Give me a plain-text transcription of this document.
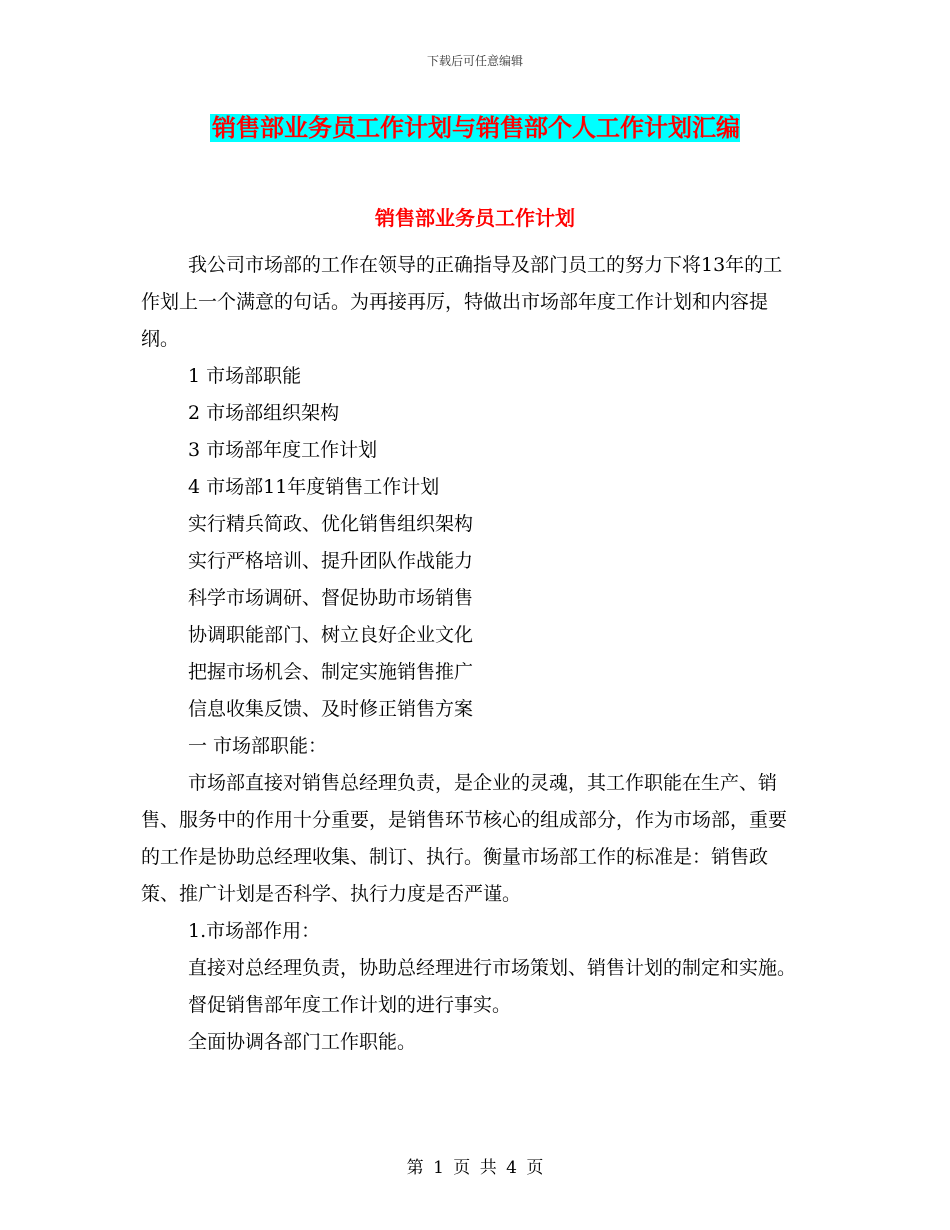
下载后可任意编辑
销售部业务员工作计划与销售部个人工作计划汇编
销售部业务员工作计划

我公司市场部的工作在领导的正确指导及部门员工的努力下将13年的工作划上一个满意的句话。为再接再厉，特做出市场部年度工作计划和内容提纲。

1 市场部职能

2 市场部组织架构

3 市场部年度工作计划

4 市场部11年度销售工作计划

实行精兵简政、优化销售组织架构

实行严格培训、提升团队作战能力

科学市场调研、督促协助市场销售

协调职能部门、树立良好企业文化

把握市场机会、制定实施销售推广

信息收集反馈、及时修正销售方案

一 市场部职能：

市场部直接对销售总经理负责，是企业的灵魂，其工作职能在生产、销售、服务中的作用十分重要，是销售环节核心的组成部分，作为市场部，重要的工作是协助总经理收集、制订、执行。衡量市场部工作的标准是：销售政策、推广计划是否科学、执行力度是否严谨。

1.市场部作用：

直接对总经理负责，协助总经理进行市场策划、销售计划的制定和实施。

督促销售部年度工作计划的进行事实。

全面协调各部门工作职能。

第 1 页 共 4 页
